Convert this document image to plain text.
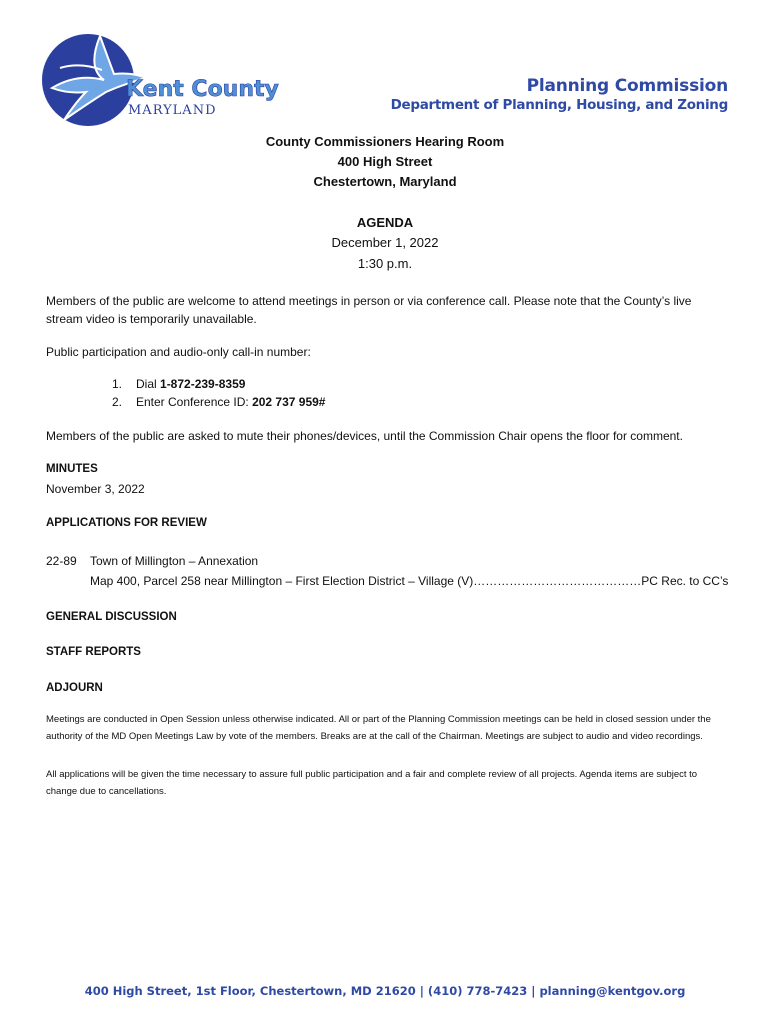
Kent County
MARYLAND
Planning Commission
Department of Planning, Housing, and Zoning
County Commissioners Hearing Room
400 High Street
Chestertown, Maryland
AGENDA
December 1, 2022
1:30 p.m.
Members of the public are welcome to attend meetings in person or via conference call. Please note that the County’s live stream video is temporarily unavailable.
Public participation and audio-only call-in number:
1. Dial 1-872-239-8359
2. Enter Conference ID: 202 737 959#
Members of the public are asked to mute their phones/devices, until the Commission Chair opens the floor for comment.
MINUTES
November 3, 2022
APPLICATIONS FOR REVIEW
22-89 Town of Millington – Annexation
Map 400, Parcel 258 near Millington – First Election District – Village (V)……………………………………PC Rec. to CC’s
GENERAL DISCUSSION
STAFF REPORTS
ADJOURN
Meetings are conducted in Open Session unless otherwise indicated. All or part of the Planning Commission meetings can be held in closed session under the authority of the MD Open Meetings Law by vote of the members. Breaks are at the call of the Chairman. Meetings are subject to audio and video recordings.
All applications will be given the time necessary to assure full public participation and a fair and complete review of all projects. Agenda items are subject to change due to cancellations.
400 High Street, 1st Floor, Chestertown, MD 21620 | (410) 778-7423 | planning@kentgov.org
